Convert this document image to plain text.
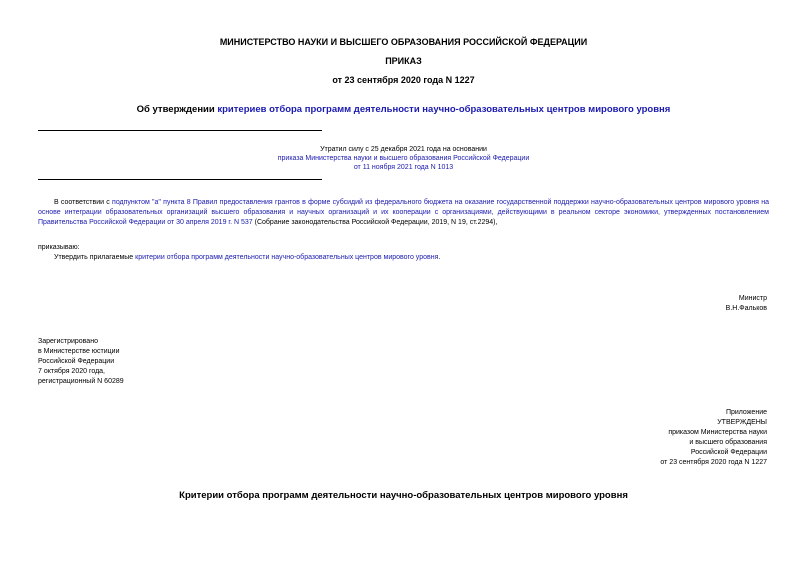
МИНИСТЕРСТВО НАУКИ И ВЫСШЕГО ОБРАЗОВАНИЯ РОССИЙСКОЙ ФЕДЕРАЦИИ
ПРИКАЗ
от 23 сентября 2020 года N 1227
Об утверждении критериев отбора программ деятельности научно-образовательных центров мирового уровня
Утратил силу с 25 декабря 2021 года на основании
приказа Министерства науки и высшего образования Российской Федерации
от 11 ноября 2021 года N 1013
В соответствии с подпунктом "а" пункта 8 Правил предоставления грантов в форме субсидий из федерального бюджета на оказание государственной поддержки научно-образовательных центров мирового уровня на основе интеграции образовательных организаций высшего образования и научных организаций и их кооперации с организациями, действующими в реальном секторе экономики, утвержденных постановлением Правительства Российской Федерации от 30 апреля 2019 г. N 537 (Собрание законодательства Российской Федерации, 2019, N 19, ст.2294),
приказываю:
Утвердить прилагаемые критерии отбора программ деятельности научно-образовательных центров мирового уровня.
Министр
В.Н.Фальков
Зарегистрировано
в Министерстве юстиции
Российской Федерации
7 октября 2020 года,
регистрационный N 60289
Приложение
УТВЕРЖДЕНЫ
приказом Министерства науки
и высшего образования
Российской Федерации
от 23 сентября 2020 года N 1227
Критерии отбора программ деятельности научно-образовательных центров мирового уровня
